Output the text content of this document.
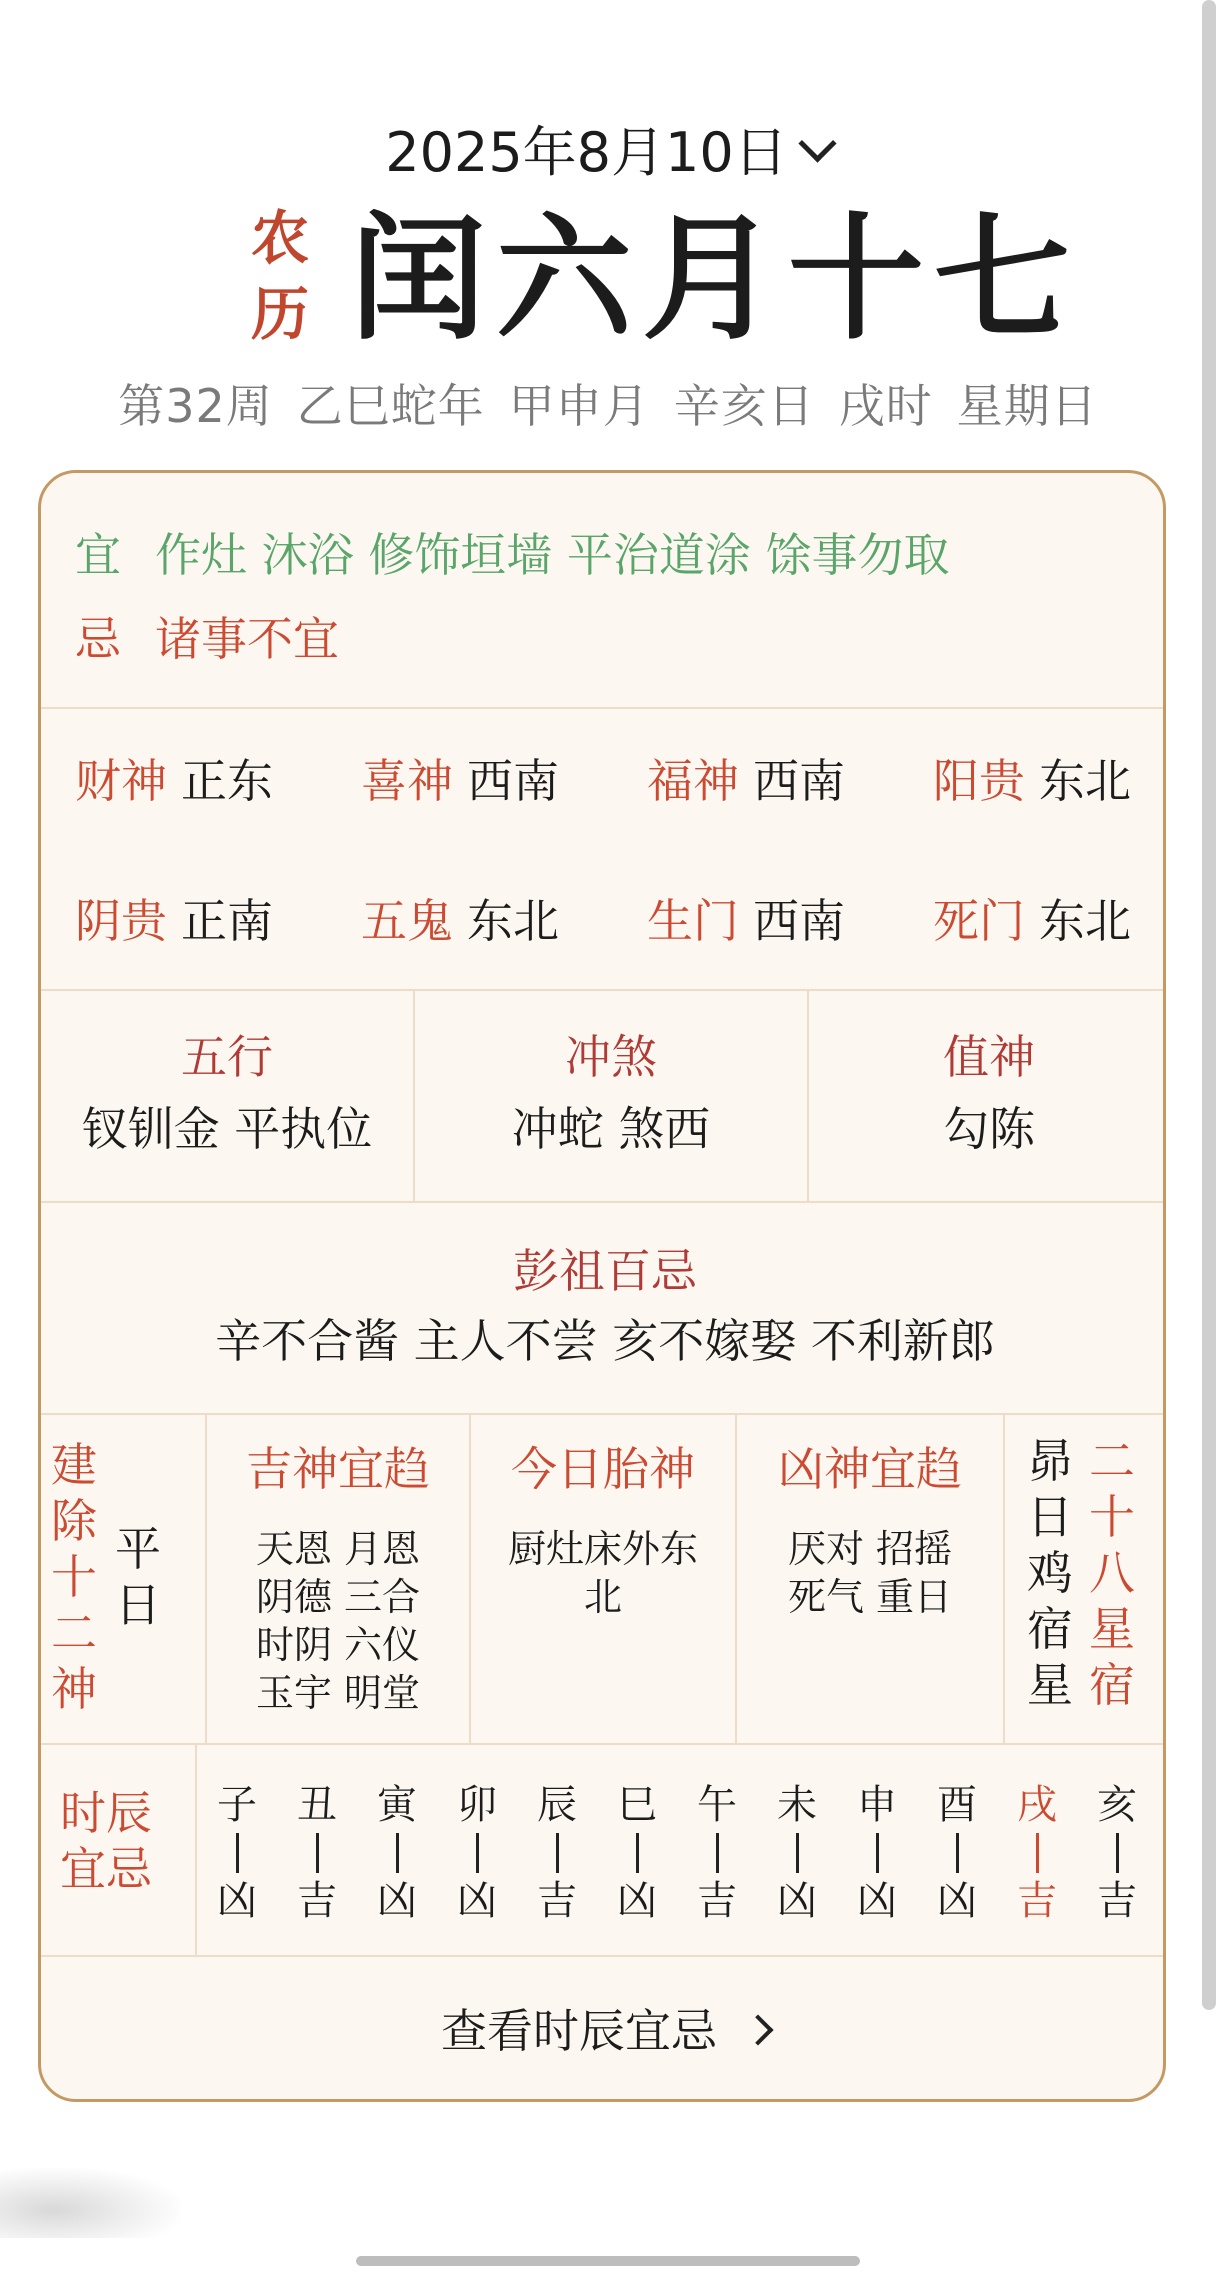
2025年8月10日
农
历 闰六月十七
第32周 乙巳蛇年 甲申月 辛亥日 戌时 星期日
宜 作灶 沐浴 修饰垣墙 平治道涂 馀事勿取
忌 诸事不宜
财神 正东 喜神 西南 福神 西南 阳贵 东北
阴贵 正南 五鬼 东北 生门 西南 死门 东北
五行
钗钏金 平执位
冲煞
冲蛇 煞西
值神
勾陈
彭祖百忌
辛不合酱 主人不尝 亥不嫁娶 不利新郎
建
除
十
二
神
平
日
吉神宜趋
天恩 月恩
阴德 三合
时阴 六仪
玉宇 明堂
今日胎神
厨灶床外东
北
凶神宜趋
厌对 招摇
死气 重日
昴
日
鸡
宿
星
二
十
八
星
宿
时辰
宜忌
子
凶
丑
吉
寅
凶
卯
凶
辰
吉
巳
凶
午
吉
未
凶
申
凶
酉
凶
戌
吉
亥
吉
查看时辰宜忌
